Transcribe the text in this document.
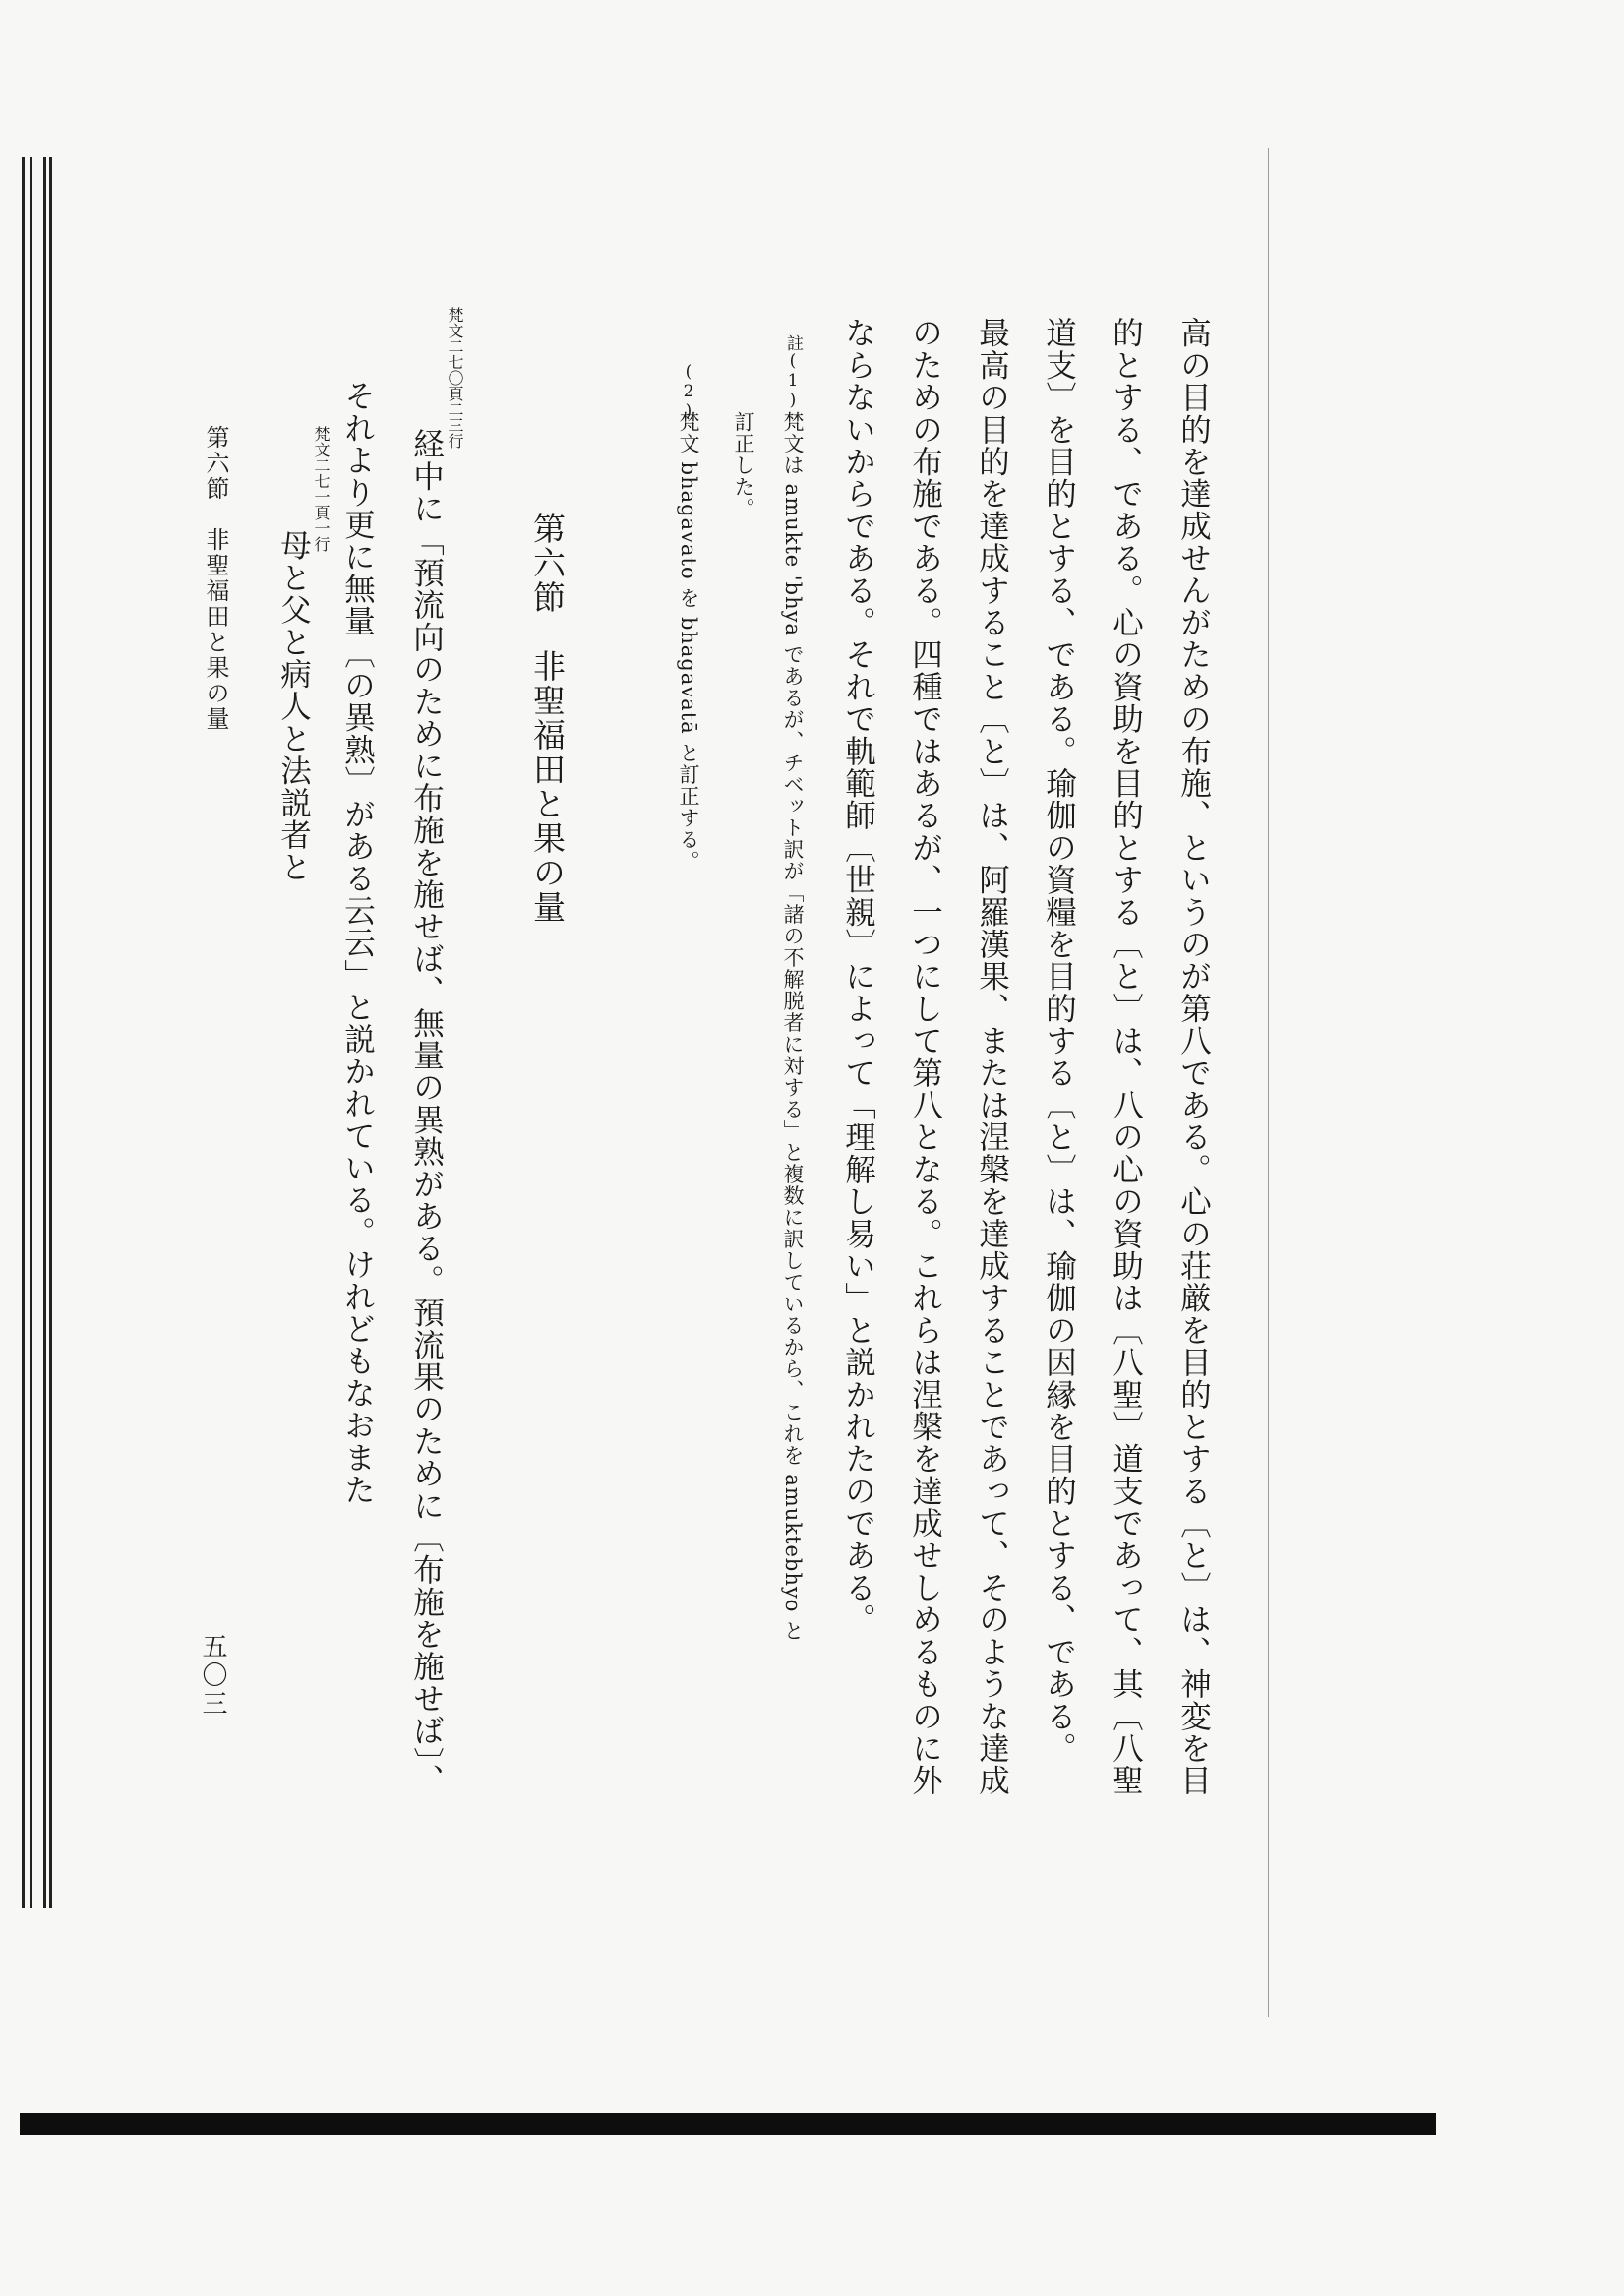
高の目的を達成せんがための布施、というのが第八である。心の荘厳を目的とする〔と〕は、神変を目
的とする、である。心の資助を目的とする〔と〕は、八の心の資助は〔八聖〕道支であって、其〔八聖
道支〕を目的とする、である。瑜伽の資糧を目的する〔と〕は、瑜伽の因縁を目的とする、である。
最高の目的を達成すること〔と〕は、阿羅漢果、または涅槃を達成することであって、そのような達成
のための布施である。四種ではあるが、一つにして第八となる。これらは涅槃を達成せしめるものに外
ならないからである。それで軌範師〔世親〕によって「理解し易い」と説かれたのである。
註(1)
梵文は amukte 'bhya であるが、チベット訳が「諸の不解脱者に対する」と複数に訳しているから、これを amuktebhyo と
訂正した。
(2)
梵文 bhagavato を bhagavatā と訂正する。
第六節　非聖福田と果の量
梵文二七〇頁二三行
経中に「預流向のために布施を施せば、無量の異熟がある。預流果のために〔布施を施せば〕、
それより更に無量〔の異熟〕がある云云」と説かれている。けれどもなおまた
梵文二七一頁一行
母と父と病人と法説者と
第六節　非聖福田と果の量
五〇三
